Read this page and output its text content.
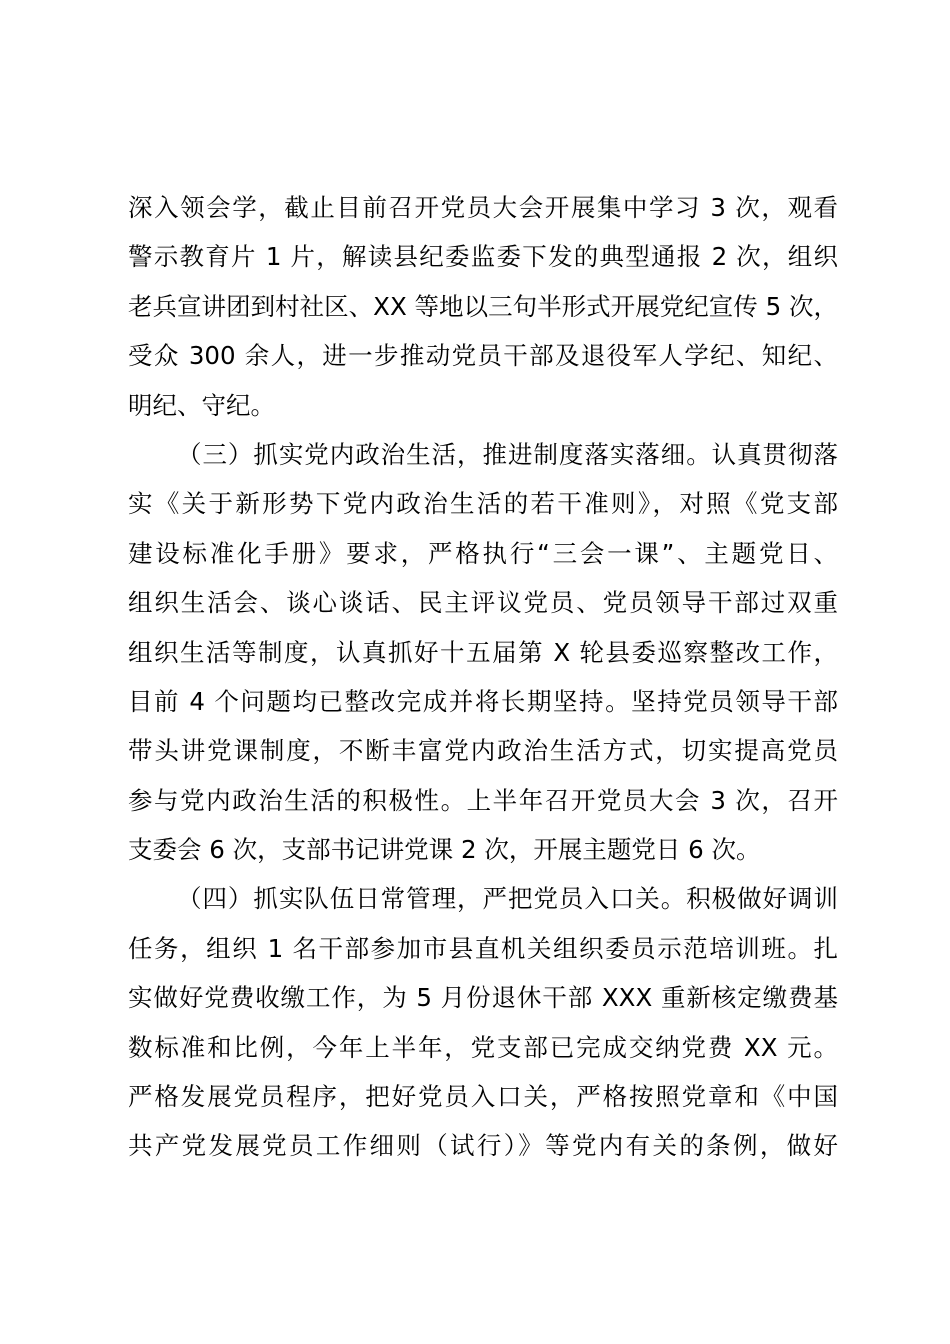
深入领会学，截止目前召开党员大会开展集中学习 3 次，观看
警示教育片 1 片，解读县纪委监委下发的典型通报 2 次，组织
老兵宣讲团到村社区、XX 等地以三句半形式开展党纪宣传 5 次，
受众 300 余人，进一步推动党员干部及退役军人学纪、知纪、
明纪、守纪。
（三）抓实党内政治生活，推进制度落实落细。认真贯彻落
实《关于新形势下党内政治生活的若干准则》，对照《党支部
建设标准化手册》要求，严格执行“三会一课”、主题党日、
组织生活会、谈心谈话、民主评议党员、党员领导干部过双重
组织生活等制度，认真抓好十五届第 X 轮县委巡察整改工作，
目前 4 个问题均已整改完成并将长期坚持。坚持党员领导干部
带头讲党课制度，不断丰富党内政治生活方式，切实提高党员
参与党内政治生活的积极性。上半年召开党员大会 3 次，召开
支委会 6 次，支部书记讲党课 2 次，开展主题党日 6 次。
（四）抓实队伍日常管理，严把党员入口关。积极做好调训
任务，组织 1 名干部参加市县直机关组织委员示范培训班。扎
实做好党费收缴工作，为 5 月份退休干部 XXX 重新核定缴费基
数标准和比例，今年上半年，党支部已完成交纳党费 XX 元。
严格发展党员程序，把好党员入口关，严格按照党章和《中国
共产党发展党员工作细则（试行）》等党内有关的条例，做好
